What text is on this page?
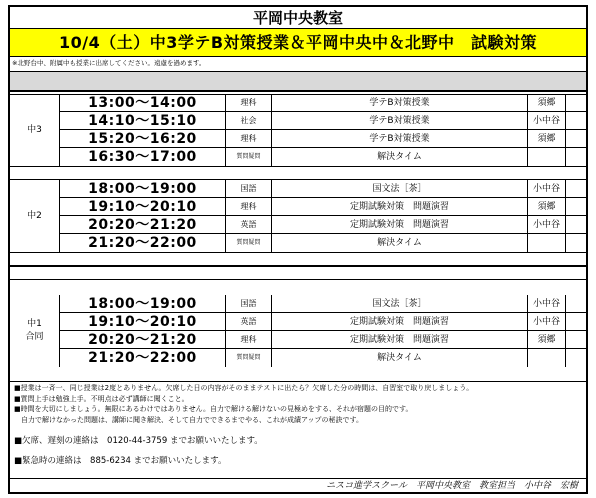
平岡中央教室
10/4（土）中3学テB対策授業＆平岡中央中＆北野中　試験対策
※北野台中、附属中も授業に出席してください。遠慮を過めます。
中3
13:00～14:00	理科	学テB対策授業	須郷
14:10～15:10	社会	学テB対策授業	小中谷
15:20～16:20	理科	学テB対策授業	須郷
16:30～17:00	質問疑問	解決タイム
中2
18:00～19:00	国語	国文法［茶］	小中谷
19:10～20:10	理科	定期試験対策　問題演習	須郷
20:20～21:20	英語	定期試験対策　問題演習	小中谷
21:20～22:00	質問疑問	解決タイム
中1
合同
18:00～19:00	国語	国文法［茶］	小中谷
19:10～20:10	英語	定期試験対策　問題演習	小中谷
20:20～21:20	理科	定期試験対策　問題演習	須郷
21:20～22:00	質問疑問	解決タイム
■授業は一斉一、同じ授業は2度とありません。欠席した日の内容がそのままテストに出たら？欠席した分の時間は、自習室で取り戻しましょう。
■質問上手は勉強上手。不明点は必ず講師に聞くこと。
■時間を大切にしましょう。無限にあるわけではありません。自力で解ける解けないの見極めをする、それが宿題の目的です。
　自力で解けなかった問題は、講師に聞き解決、そして自力でできるまでやる、これが成績アップの秘訣です。
■欠席、遅刻の連絡は　0120-44-3759 までお願いいたします。
■緊急時の連絡は　885-6234 までお願いいたします。
ニスコ進学スクール　平岡中央教室　教室担当　小中谷　宏樹
